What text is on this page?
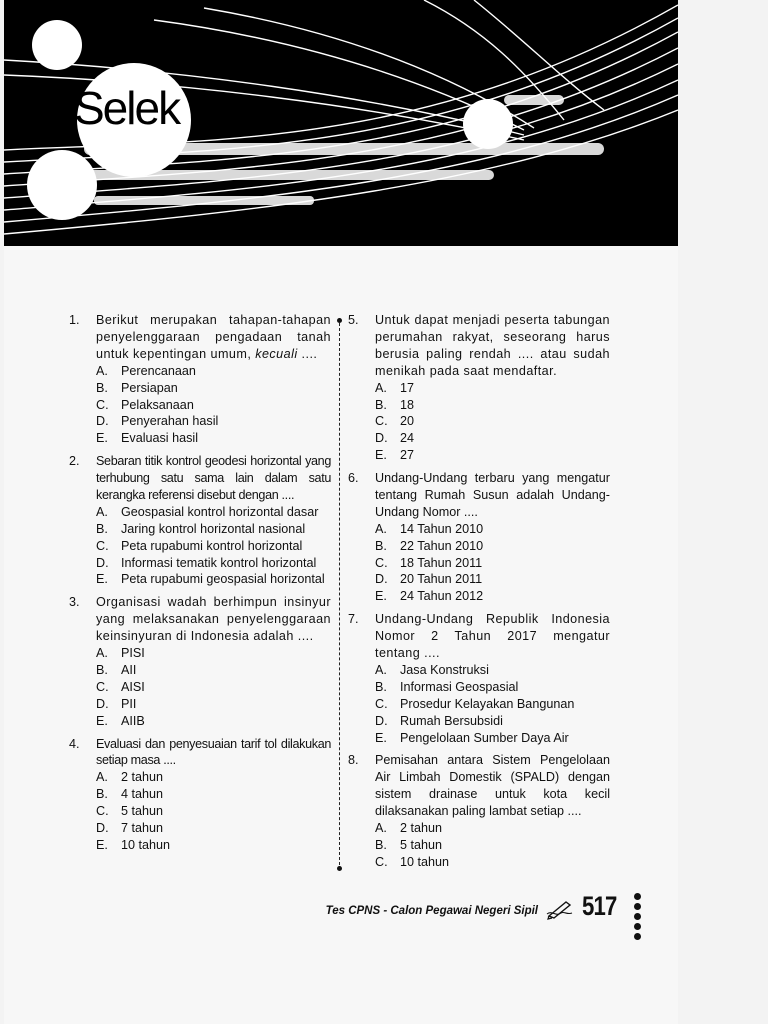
Selek
1.	Berikut merupakan tahapan-tahapan penyelenggaraan pengadaan tanah untuk kepentingan umum, kecuali ....
A.	Perencanaan
B.	Persiapan
C. Pelaksanaan
D. Penyerahan hasil
E.	Evaluasi hasil
2.	Sebaran titik kontrol geodesi horizontal yang terhubung satu sama lain dalam satu kerangka referensi disebut dengan ....
A.	Geospasial kontrol horizontal dasar
B.	Jaring kontrol horizontal nasional
C. Peta rupabumi kontrol horizontal
D. Informasi tematik kontrol horizontal
E.	Peta rupabumi geospasial horizontal
3.	Organisasi wadah berhimpun insinyur yang melaksanakan penyelenggaraan keinsinyuran di Indonesia adalah ....
A.	PISI
B.	AII
C. AISI
D. PII
E.	AIIB
4.	Evaluasi dan penyesuaian tarif tol dilakukan setiap masa ....
A.	2 tahun
B.	4 tahun
C. 5 tahun
D. 7 tahun
E.	10 tahun
5.	Untuk dapat menjadi peserta tabungan perumahan rakyat, seseorang harus berusia paling rendah .... atau sudah menikah pada saat mendaftar.
A.	17
B.	18
C. 20
D. 24
E.	27
6.	Undang-Undang terbaru yang mengatur tentang Rumah Susun adalah Undang-Undang Nomor ....
A.	14 Tahun 2010
B.	22 Tahun 2010
C. 18 Tahun 2011
D. 20 Tahun 2011
E.	24 Tahun 2012
7.	Undang-Undang Republik Indonesia Nomor 2 Tahun 2017 mengatur tentang ....
A.	Jasa Konstruksi
B.	Informasi Geospasial
C. Prosedur Kelayakan Bangunan
D. Rumah Bersubsidi
E.	Pengelolaan Sumber Daya Air
8.	Pemisahan antara Sistem Pengelolaan Air Limbah Domestik (SPALD) dengan sistem drainase untuk kota kecil dilaksanakan paling lambat setiap ....
A.	2 tahun
B.	5 tahun
C. 10 tahun
Tes CPNS - Calon Pegawai Negeri Sipil 517
